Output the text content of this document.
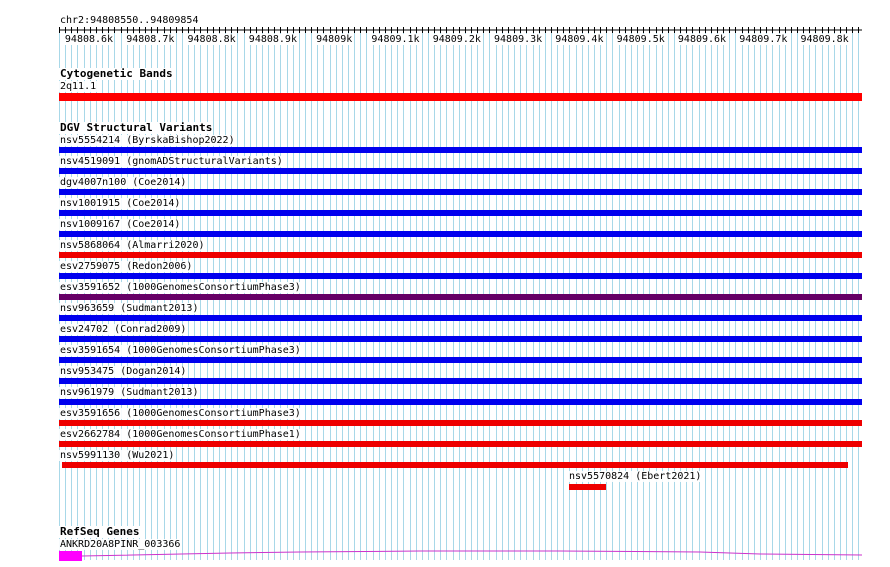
chr2:94808550..94809854
94808.6k 94808.7k 94808.8k 94808.9k 94809k 94809.1k 94809.2k 94809.3k 94809.4k 94809.5k 94809.6k 94809.7k 94809.8k
Cytogenetic Bands
2q11.1
DGV Structural Variants
nsv5554214 (ByrskaBishop2022)
nsv4519091 (gnomADStructuralVariants)
dgv4007n100 (Coe2014)
nsv1001915 (Coe2014)
nsv1009167 (Coe2014)
nsv5868064 (Almarri2020)
esv2759075 (Redon2006)
esv3591652 (1000GenomesConsortiumPhase3)
nsv963659 (Sudmant2013)
esv24702 (Conrad2009)
esv3591654 (1000GenomesConsortiumPhase3)
nsv953475 (Dogan2014)
nsv961979 (Sudmant2013)
esv3591656 (1000GenomesConsortiumPhase3)
esv2662784 (1000GenomesConsortiumPhase1)
nsv5991130 (Wu2021)
nsv5570824 (Ebert2021)
RefSeq Genes
ANKRD20A8PINR_003366
